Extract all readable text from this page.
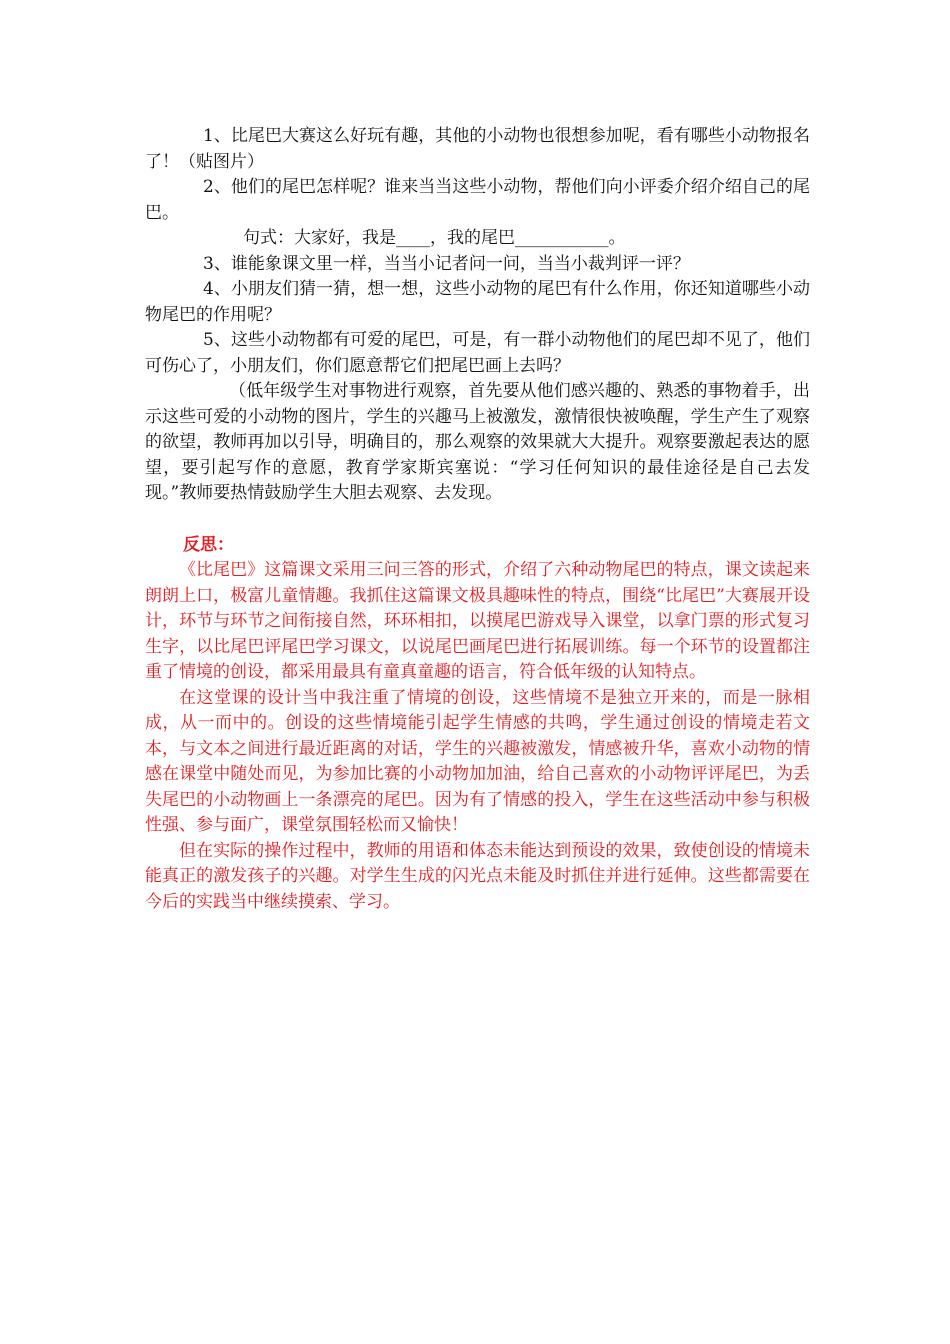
1、比尾巴大赛这么好玩有趣，其他的小动物也很想参加呢，看有哪些小动物报名了！（贴图片）

2、他们的尾巴怎样呢？谁来当当这些小动物，帮他们向小评委介绍介绍自己的尾巴。

句式：大家好，我是____，我的尾巴___________。

3、谁能象课文里一样，当当小记者问一问，当当小裁判评一评？

4、小朋友们猜一猜，想一想，这些小动物的尾巴有什么作用，你还知道哪些小动物尾巴的作用呢？

5、这些小动物都有可爱的尾巴，可是，有一群小动物他们的尾巴却不见了，他们可伤心了，小朋友们，你们愿意帮它们把尾巴画上去吗？

（低年级学生对事物进行观察，首先要从他们感兴趣的、熟悉的事物着手，出示这些可爱的小动物的图片，学生的兴趣马上被激发，激情很快被唤醒，学生产生了观察的欲望，教师再加以引导，明确目的，那么观察的效果就大大提升。观察要激起表达的愿望，要引起写作的意愿，教育学家斯宾塞说：“学习任何知识的最佳途径是自己去发现。”教师要热情鼓励学生大胆去观察、去发现。

反思：

《比尾巴》这篇课文采用三问三答的形式，介绍了六种动物尾巴的特点，课文读起来朗朗上口，极富儿童情趣。我抓住这篇课文极具趣味性的特点，围绕“比尾巴”大赛展开设计，环节与环节之间衔接自然，环环相扣，以摸尾巴游戏导入课堂，以拿门票的形式复习生字，以比尾巴评尾巴学习课文，以说尾巴画尾巴进行拓展训练。每一个环节的设置都注重了情境的创设，都采用最具有童真童趣的语言，符合低年级的认知特点。

在这堂课的设计当中我注重了情境的创设，这些情境不是独立开来的，而是一脉相成，从一而中的。创设的这些情境能引起学生情感的共鸣，学生通过创设的情境走若文本，与文本之间进行最近距离的对话，学生的兴趣被激发，情感被升华，喜欢小动物的情感在课堂中随处而见，为参加比赛的小动物加加油，给自己喜欢的小动物评评尾巴，为丢失尾巴的小动物画上一条漂亮的尾巴。因为有了情感的投入，学生在这些活动中参与积极性强、参与面广，课堂氛围轻松而又愉快！

但在实际的操作过程中，教师的用语和体态未能达到预设的效果，致使创设的情境未能真正的激发孩子的兴趣。对学生生成的闪光点未能及时抓住并进行延伸。这些都需要在今后的实践当中继续摸索、学习。
